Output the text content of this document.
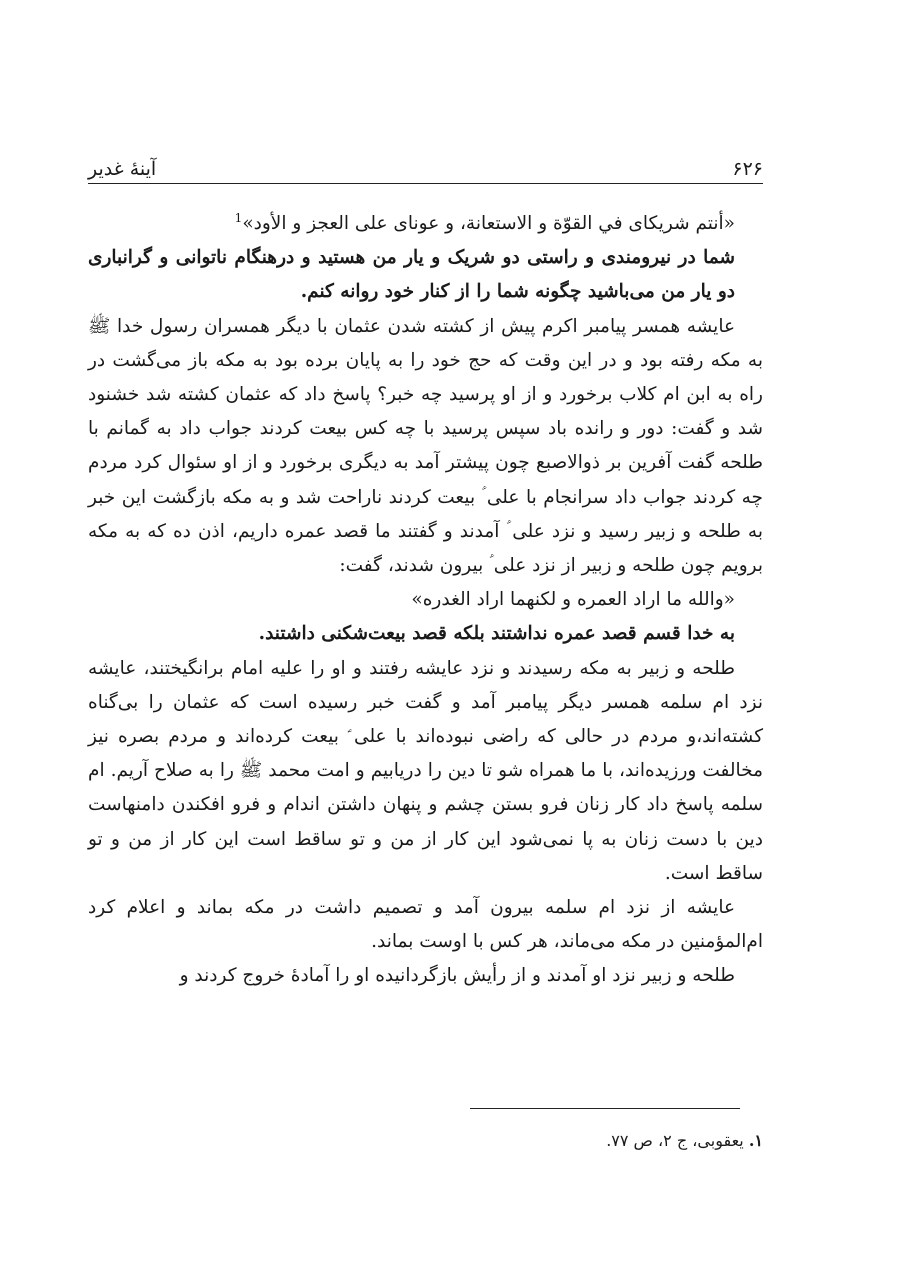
۶۲۶
آینهٔ غدیر

«أنتم شریکای في القوّة و الاستعانة، و عونای علی العجز و الأود»$^1$

شما در نیرومندی و راستی دو شریک و یار من هستید و درهنگام ناتوانی و گرانباری دو یار من می‌باشید چگونه شما را از کنار خود روانه کنم.

عایشه همسر پیامبر اکرم پیش از کشته شدن عثمان با دیگر همسران رسول خدا ﷺ به مکه رفته بود و در این وقت که حج خود را به پایان برده بود به مکه باز می‌گشت در راه به ابن ام کلاب برخورد و از او پرسید چه خبر؟ پاسخ داد که عثمان کشته شد خشنود شد و گفت: دور و رانده باد سپس پرسید با چه کس بیعت کردند جواب داد به گمانم با طلحه گفت آفرین بر ذوالاصبع چون پیشتر آمد به دیگری برخورد و از او سئوال کرد مردم چه کردند جواب داد سرانجام با علی ؑ بیعت کردند ناراحت شد و به مکه بازگشت این خبر به طلحه و زبیر رسید و نزد علی ؑ آمدند و گفتند ما قصد عمره داریم، اذن ده که به مکه برویم چون طلحه و زبیر از نزد علی ؑ بیرون شدند، گفت:

«والله ما اراد العمره و لکنهما اراد الغدره»

به خدا قسم قصد عمره نداشتند بلکه قصد بیعت‌شکنی داشتند.

طلحه و زبیر به مکه رسیدند و نزد عایشه رفتند و او را علیه امام برانگیختند، عایشه نزد ام سلمه همسر دیگر پیامبر آمد و گفت خبر رسیده است که عثمان را بی‌گناه کشته‌اند،و مردم در حالی که راضی نبوده‌اند با علی ؑ بیعت کرده‌اند و مردم بصره نیز مخالفت ورزیده‌اند، با ما همراه شو تا دین را دریابیم و امت محمد ﷺ را به صلاح آریم. ام سلمه پاسخ داد کار زنان فرو بستن چشم و پنهان داشتن اندام و فرو افکندن دامنهاست دین با دست زنان به پا نمی‌شود این کار از من و تو ساقط است این کار از من و تو ساقط است.

عایشه از نزد ام سلمه بیرون آمد و تصمیم داشت در مکه بماند و اعلام کرد ام‌المؤمنین در مکه می‌ماند، هر کس با اوست بماند.

طلحه و زبیر نزد او آمدند و از رأیش بازگردانیده او را آمادهٔ خروج کردند و

۱. یعقوبی، ج ۲، ص ۷۷.
